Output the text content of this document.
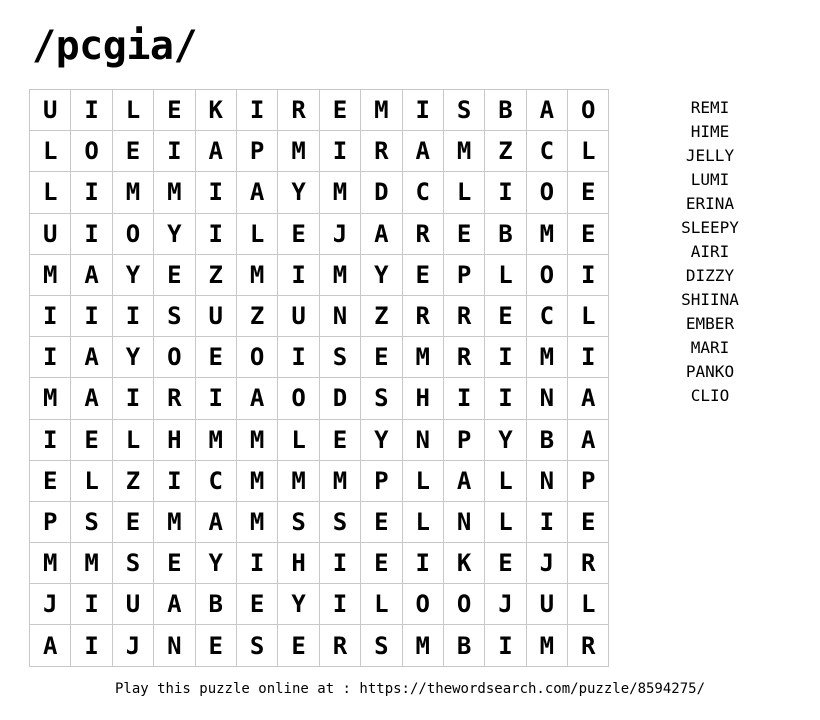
/pcgia/
U	I	L	E	K	I	R	E	M	I	S	B	A	O
L	O	E	I	A	P	M	I	R	A	M	Z	C	L
L	I	M	M	I	A	Y	M	D	C	L	I	O	E
U	I	O	Y	I	L	E	J	A	R	E	B	M	E
M	A	Y	E	Z	M	I	M	Y	E	P	L	O	I
I	I	I	S	U	Z	U	N	Z	R	R	E	C	L
I	A	Y	O	E	O	I	S	E	M	R	I	M	I
M	A	I	R	I	A	O	D	S	H	I	I	N	A
I	E	L	H	M	M	L	E	Y	N	P	Y	B	A
E	L	Z	I	C	M	M	M	P	L	A	L	N	P
P	S	E	M	A	M	S	S	E	L	N	L	I	E
M	M	S	E	Y	I	H	I	E	I	K	E	J	R
J	I	U	A	B	E	Y	I	L	O	O	J	U	L
A	I	J	N	E	S	E	R	S	M	B	I	M	R
REMI
HIME
JELLY
LUMI
ERINA
SLEEPY
AIRI
DIZZY
SHIINA
EMBER
MARI
PANKO
CLIO
Play this puzzle online at : https://thewordsearch.com/puzzle/8594275/
